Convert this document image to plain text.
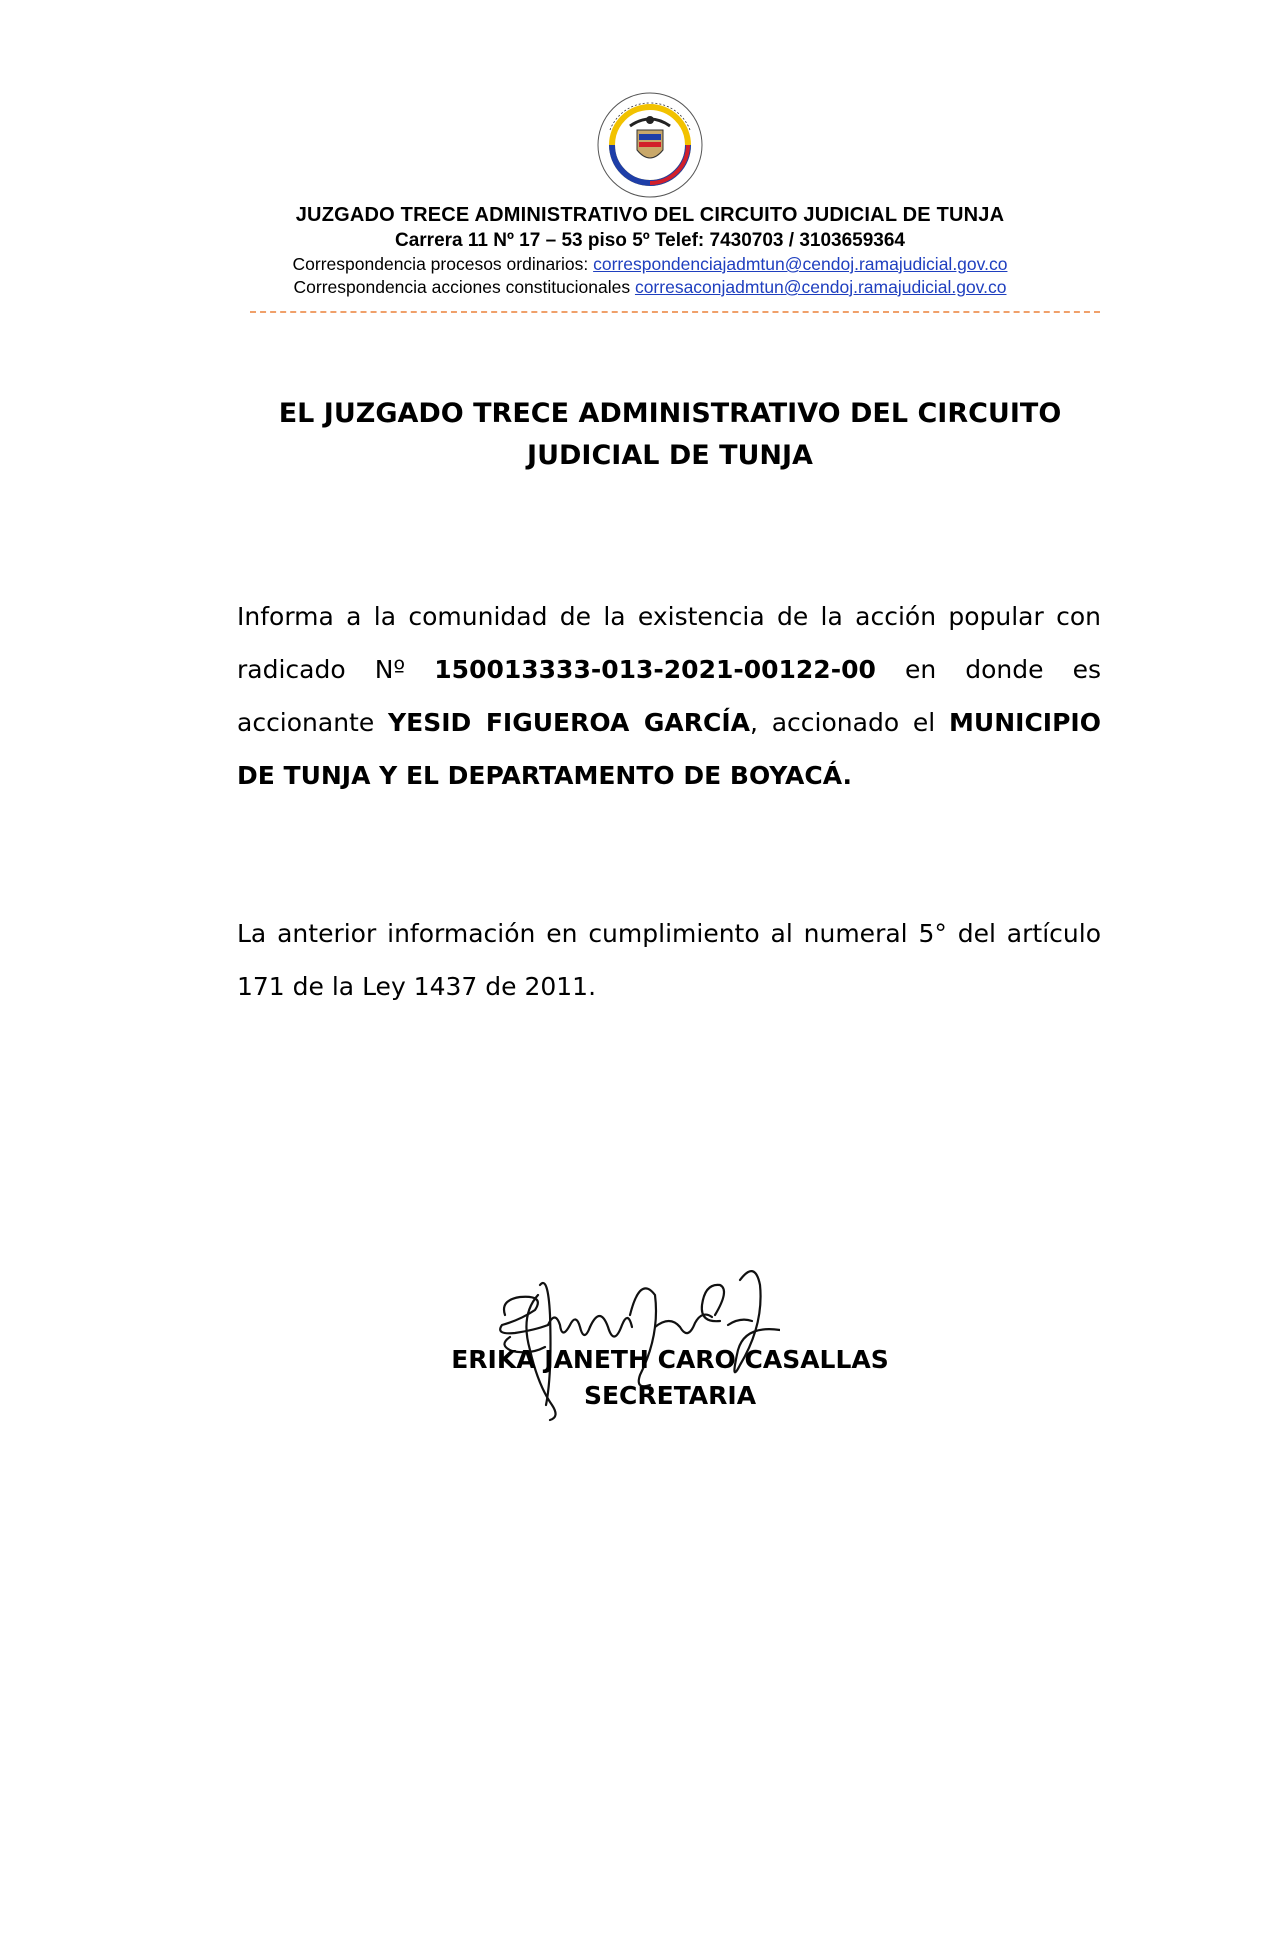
JUZGADO TRECE ADMINISTRATIVO DEL CIRCUITO JUDICIAL DE TUNJA
Carrera 11 Nº 17 – 53 piso 5º Telef: 7430703 / 3103659364
Correspondencia procesos ordinarios: correspondenciajadmtun@cendoj.ramajudicial.gov.co
Correspondencia acciones constitucionales corresaconjadmtun@cendoj.ramajudicial.gov.co
EL JUZGADO TRECE ADMINISTRATIVO DEL CIRCUITO
JUDICIAL DE TUNJA
Informa a la comunidad de la existencia de la acción popular con radicado Nº 150013333-013-2021-00122-00 en donde es accionante YESID FIGUEROA GARCÍA, accionado el MUNICIPIO DE TUNJA Y EL DEPARTAMENTO DE BOYACÁ.
La anterior información en cumplimiento al numeral 5° del artículo 171 de la Ley 1437 de 2011.
ERIKA JANETH CARO CASALLAS
SECRETARIA
